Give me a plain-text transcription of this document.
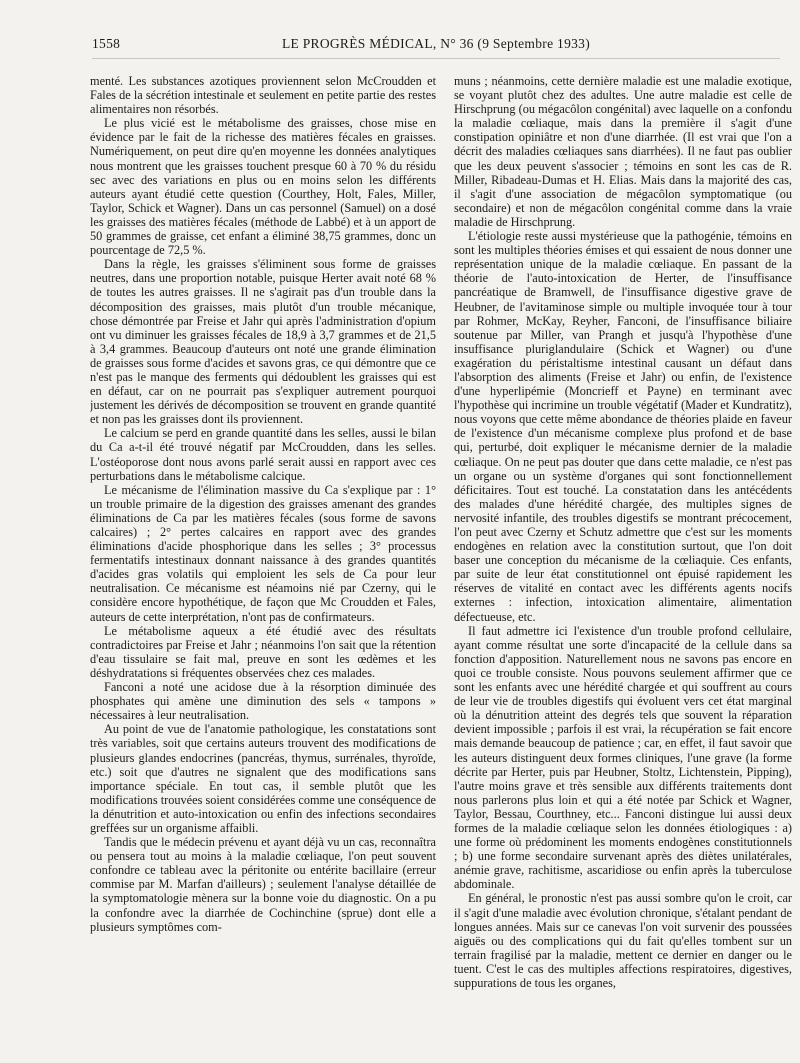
1558	LE PROGRÈS MÉDICAL, N° 36 (9 Septembre 1933)

menté. Les substances azotiques proviennent selon McCroudden et Fales de la sécrétion intestinale et seulement en petite partie des restes alimentaires non résorbés.

Le plus vicié est le métabolisme des graisses, chose mise en évidence par le fait de la richesse des matières fécales en graisses. Numériquement, on peut dire qu'en moyenne les données analytiques nous montrent que les graisses touchent presque 60 à 70 % du résidu sec avec des variations en plus ou en moins selon les différents auteurs ayant étudié cette question (Courthey, Holt, Fales, Miller, Taylor, Schick et Wagner). Dans un cas personnel (Samuel) on a dosé les graisses des matières fécales (méthode de Labbé) et à un apport de 50 grammes de graisse, cet enfant a éliminé 38,75 grammes, donc un pourcentage de 72,5 %.

Dans la règle, les graisses s'éliminent sous forme de graisses neutres, dans une proportion notable, puisque Herter avait noté 68 % de toutes les autres graisses. Il ne s'agirait pas d'un trouble dans la décomposition des graisses, mais plutôt d'un trouble mécanique, chose démontrée par Freise et Jahr qui après l'administration d'opium ont vu diminuer les graisses fécales de 18,9 à 3,7 grammes et de 21,5 à 3,4 grammes. Beaucoup d'auteurs ont noté une grande élimination de graisses sous forme d'acides et savons gras, ce qui démontre que ce n'est pas le manque des ferments qui dédoublent les graisses qui est en défaut, car on ne pourrait pas s'expliquer autrement pourquoi justement les dérivés de décomposition se trouvent en grande quantité et non pas les graisses dont ils proviennent.

Le calcium se perd en grande quantité dans les selles, aussi le bilan du Ca a-t-il été trouvé négatif par McCroudden, dans les selles. L'ostéoporose dont nous avons parlé serait aussi en rapport avec ces perturbations dans le métabolisme calcique.

Le mécanisme de l'élimination massive du Ca s'explique par : 1° un trouble primaire de la digestion des graisses amenant des grandes éliminations de Ca par les matières fécales (sous forme de savons calcaires) ; 2° pertes calcaires en rapport avec des grandes éliminations d'acide phosphorique dans les selles ; 3° processus fermentatifs intestinaux donnant naissance à des grandes quantités d'acides gras volatils qui emploient les sels de Ca pour leur neutralisation. Ce mécanisme est néamoins nié par Czerny, qui le considère encore hypothétique, de façon que Mc Croudden et Fales, auteurs de cette interprétation, n'ont pas de confirmateurs.

Le métabolisme aqueux a été étudié avec des résultats contradictoires par Freise et Jahr ; néanmoins l'on sait que la rétention d'eau tissulaire se fait mal, preuve en sont les œdèmes et les déshydratations si fréquentes observées chez ces malades.

Fanconi a noté une acidose due à la résorption diminuée des phosphates qui amène une diminution des sels « tampons » nécessaires à leur neutralisation.

Au point de vue de l'anatomie pathologique, les constatations sont très variables, soit que certains auteurs trouvent des modifications de plusieurs glandes endocrines (pancréas, thymus, surrénales, thyroïde, etc.) soit que d'autres ne signalent que des modifications sans importance spéciale. En tout cas, il semble plutôt que les modifications trouvées soient considérées comme une conséquence de la dénutrition et auto-intoxication ou enfin des infections secondaires greffées sur un organisme affaibli.

Tandis que le médecin prévenu et ayant déjà vu un cas, reconnaîtra ou pensera tout au moins à la maladie cœliaque, l'on peut souvent confondre ce tableau avec la péritonite ou entérite bacillaire (erreur commise par M. Marfan d'ailleurs) ; seulement l'analyse détaillée de la symptomatologie mènera sur la bonne voie du diagnostic. On a pu la confondre avec la diarrhée de Cochinchine (sprue) dont elle a plusieurs symptômes com-

muns ; néanmoins, cette dernière maladie est une maladie exotique, se voyant plutôt chez des adultes. Une autre maladie est celle de Hirschprung (ou mégacôlon congénital) avec laquelle on a confondu la maladie cœliaque, mais dans la première il s'agit d'une constipation opiniâtre et non d'une diarrhée. (Il est vrai que l'on a décrit des maladies cœliaques sans diarrhées). Il ne faut pas oublier que les deux peuvent s'associer ; témoins en sont les cas de R. Miller, Ribadeau-Dumas et H. Elias. Mais dans la majorité des cas, il s'agit d'une association de mégacôlon symptomatique (ou secondaire) et non de mégacôlon congénital comme dans la vraie maladie de Hirschprung.

L'étiologie reste aussi mystérieuse que la pathogénie, témoins en sont les multiples théories émises et qui essaient de nous donner une représentation unique de la maladie cœliaque. En passant de la théorie de l'auto-intoxication de Herter, de l'insuffisance pancréatique de Bramwell, de l'insuffisance digestive grave de Heubner, de l'avitaminose simple ou multiple invoquée tour à tour par Rohmer, McKay, Reyher, Fanconi, de l'insuffisance biliaire soutenue par Miller, van Prangh et jusqu'à l'hypothèse d'une insuffisance pluriglandulaire (Schick et Wagner) ou d'une exagération du péristaltisme intestinal causant un défaut dans l'absorption des aliments (Freise et Jahr) ou enfin, de l'existence d'une hyperlipémie (Moncrieff et Payne) en terminant avec l'hypothèse qui incrimine un trouble végétatif (Mader et Kundratitz), nous voyons que cette même abondance de théories plaide en faveur de l'existence d'un mécanisme complexe plus profond et de base qui, perturbé, doit expliquer le mécanisme dernier de la maladie cœliaque. On ne peut pas douter que dans cette maladie, ce n'est pas un organe ou un système d'organes qui sont fonctionnellement déficitaires. Tout est touché. La constatation dans les antécédents des malades d'une hérédité chargée, des multiples signes de nervosité infantile, des troubles digestifs se montrant précocement, l'on peut avec Czerny et Schutz admettre que c'est sur les moments endogènes en relation avec la constitution surtout, que l'on doit baser une conception du mécanisme de la cœliaquie. Ces enfants, par suite de leur état constitutionnel ont épuisé rapidement les réserves de vitalité en contact avec les différents agents nocifs externes : infection, intoxication alimentaire, alimentation défectueuse, etc.

Il faut admettre ici l'existence d'un trouble profond cellulaire, ayant comme résultat une sorte d'incapacité de la cellule dans sa fonction d'apposition. Naturellement nous ne savons pas encore en quoi ce trouble consiste. Nous pouvons seulement affirmer que ce sont les enfants avec une hérédité chargée et qui souffrent au cours de leur vie de troubles digestifs qui évoluent vers cet état marginal où la dénutrition atteint des degrés tels que souvent la réparation devient impossible ; parfois il est vrai, la récupération se fait encore mais demande beaucoup de patience ; car, en effet, il faut savoir que les auteurs distinguent deux formes cliniques, l'une grave (la forme décrite par Herter, puis par Heubner, Stoltz, Lichtenstein, Pipping), l'autre moins grave et très sensible aux différents traitements dont nous parlerons plus loin et qui a été notée par Schick et Wagner, Taylor, Bessau, Courthney, etc... Fanconi distingue lui aussi deux formes de la maladie cœliaque selon les données étiologiques : a) une forme où prédominent les moments endogènes constitutionnels ; b) une forme secondaire survenant après des diètes unilatérales, anémie grave, rachitisme, ascaridiose ou enfin après la tuberculose abdominale.

En général, le pronostic n'est pas aussi sombre qu'on le croit, car il s'agit d'une maladie avec évolution chronique, s'étalant pendant de longues années. Mais sur ce canevas l'on voit survenir des poussées aiguës ou des complications qui du fait qu'elles tombent sur un terrain fragilisé par la maladie, mettent ce dernier en danger ou le tuent. C'est le cas des multiples affections respiratoires, digestives, suppurations de tous les organes,
